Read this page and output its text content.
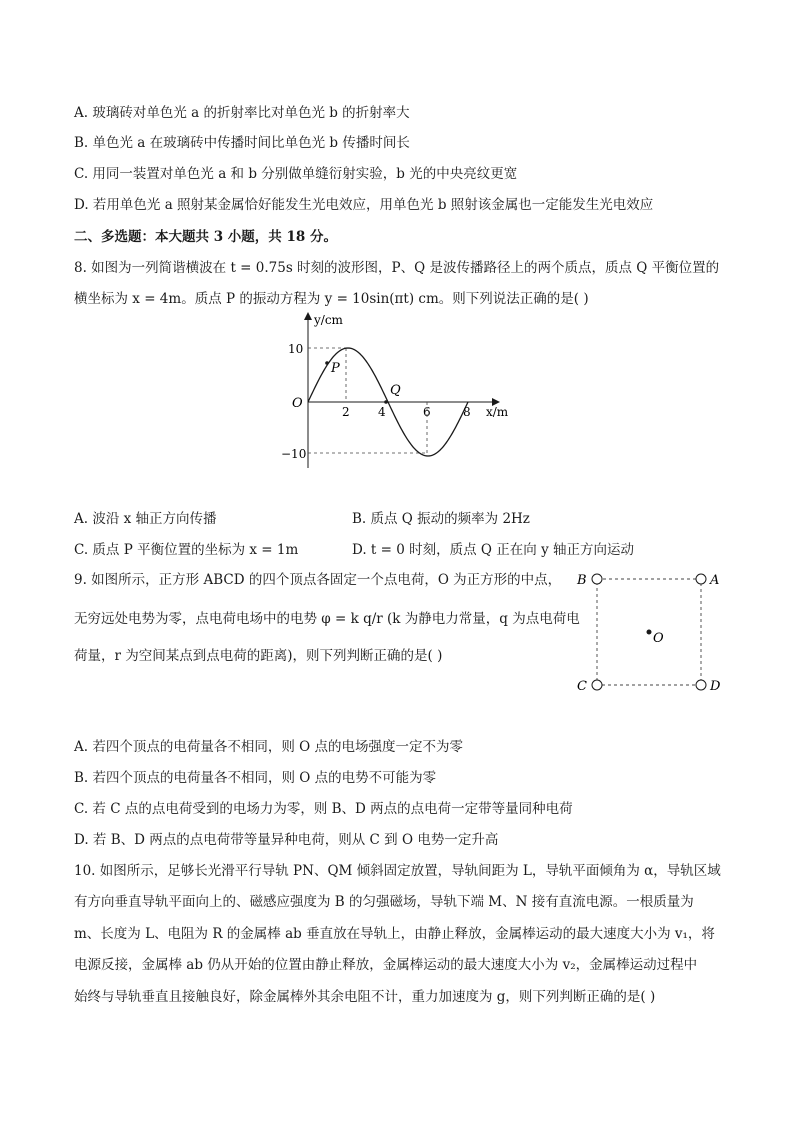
A. 玻璃砖对单色光 a 的折射率比对单色光 b 的折射率大
B. 单色光 a 在玻璃砖中传播时间比单色光 b 传播时间长
C. 用同一装置对单色光 a 和 b 分别做单缝衍射实验，b 光的中央亮纹更宽
D. 若用单色光 a 照射某金属恰好能发生光电效应，用单色光 b 照射该金属也一定能发生光电效应
二、多选题：本大题共 3 小题，共 18 分。
8. 如图为一列简谐横波在 t = 0.75s 时刻的波形图，P、Q 是波传播路径上的两个质点，质点 Q 平衡位置的
横坐标为 x = 4m。质点 P 的振动方程为 y = 10sin(πt) cm。则下列说法正确的是( )
P
Q
y/cm
x/m
O
10
−10
2 4	6	8
A. 波沿 x 轴正方向传播	B. 质点 Q 振动的频率为 2Hz
C. 质点 P 平衡位置的坐标为 x = 1m	D. t = 0 时刻，质点 Q 正在向 y 轴正方向运动
9. 如图所示，正方形 ABCD 的四个顶点各固定一个点电荷，O 为正方形的中点，
无穷远处电势为零，点电荷电场中的电势 φ = k q/r (k 为静电力常量，q 为点电荷电
荷量，r 为空间某点到点电荷的距离)，则下列判断正确的是( )
B	A
C	D
O
A. 若四个顶点的电荷量各不相同，则 O 点的电场强度一定不为零
B. 若四个顶点的电荷量各不相同，则 O 点的电势不可能为零
C. 若 C 点的点电荷受到的电场力为零，则 B、D 两点的点电荷一定带等量同种电荷
D. 若 B、D 两点的点电荷带等量异种电荷，则从 C 到 O 电势一定升高
10. 如图所示，足够长光滑平行导轨 PN、QM 倾斜固定放置，导轨间距为 L，导轨平面倾角为 α，导轨区域
有方向垂直导轨平面向上的、磁感应强度为 B 的匀强磁场，导轨下端 M、N 接有直流电源。一根质量为
m、长度为 L、电阻为 R 的金属棒 ab 垂直放在导轨上，由静止释放，金属棒运动的最大速度大小为 v₁，将
电源反接，金属棒 ab 仍从开始的位置由静止释放，金属棒运动的最大速度大小为 v₂，金属棒运动过程中
始终与导轨垂直且接触良好，除金属棒外其余电阻不计，重力加速度为 g，则下列判断正确的是( )
